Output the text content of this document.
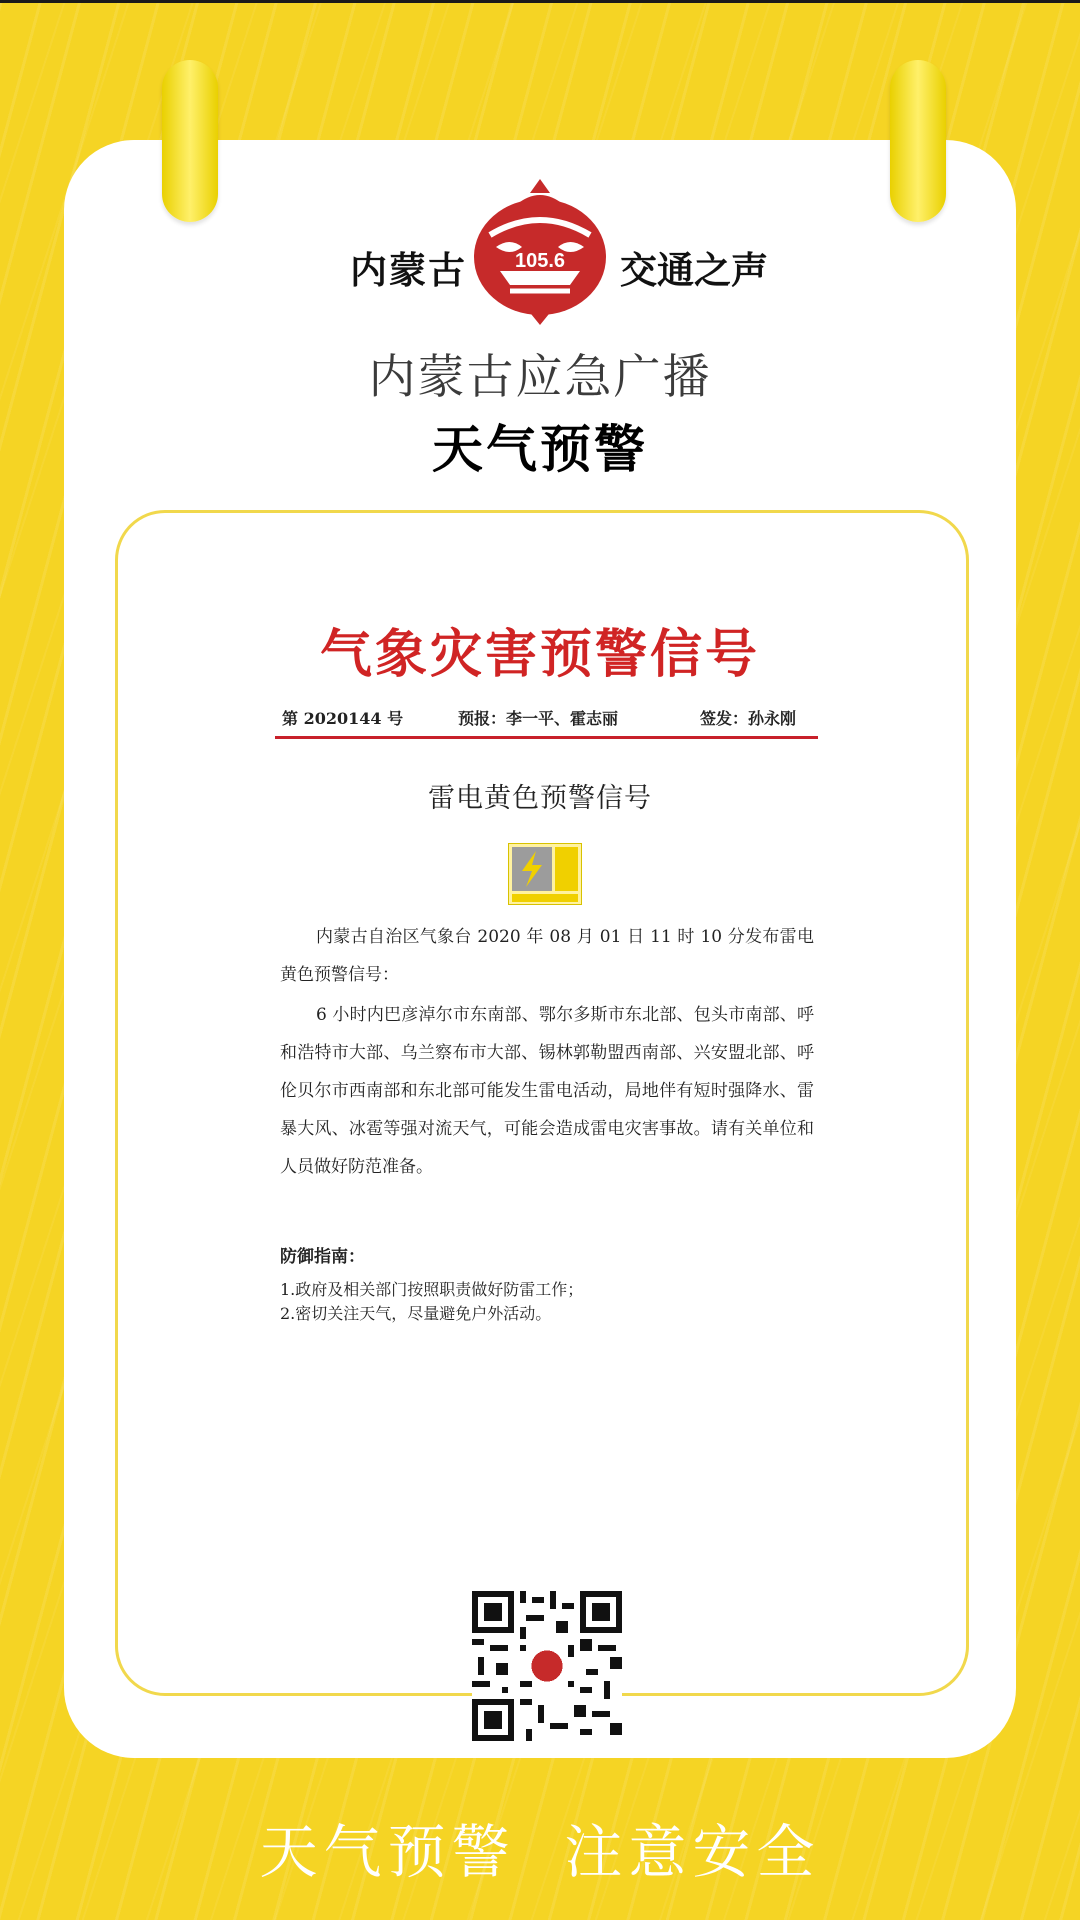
内蒙古 105.6 交通之声
内蒙古应急广播
天气预警
气象灾害预警信号
第 2020144 号	预报：李一平、霍志丽	签发：孙永刚
雷电黄色预警信号

内蒙古自治区气象台 2020 年 08 月 01 日 11 时 10 分发布雷电黄色预警信号：

6 小时内巴彦淖尔市东南部、鄂尔多斯市东北部、包头市南部、呼和浩特市大部、乌兰察布市大部、锡林郭勒盟西南部、兴安盟北部、呼伦贝尔市西南部和东北部可能发生雷电活动，局地伴有短时强降水、雷暴大风、冰雹等强对流天气，可能会造成雷电灾害事故。请有关单位和人员做好防范准备。

防御指南：
1.政府及相关部门按照职责做好防雷工作；
2.密切关注天气，尽量避免户外活动。
天气预警  注意安全
